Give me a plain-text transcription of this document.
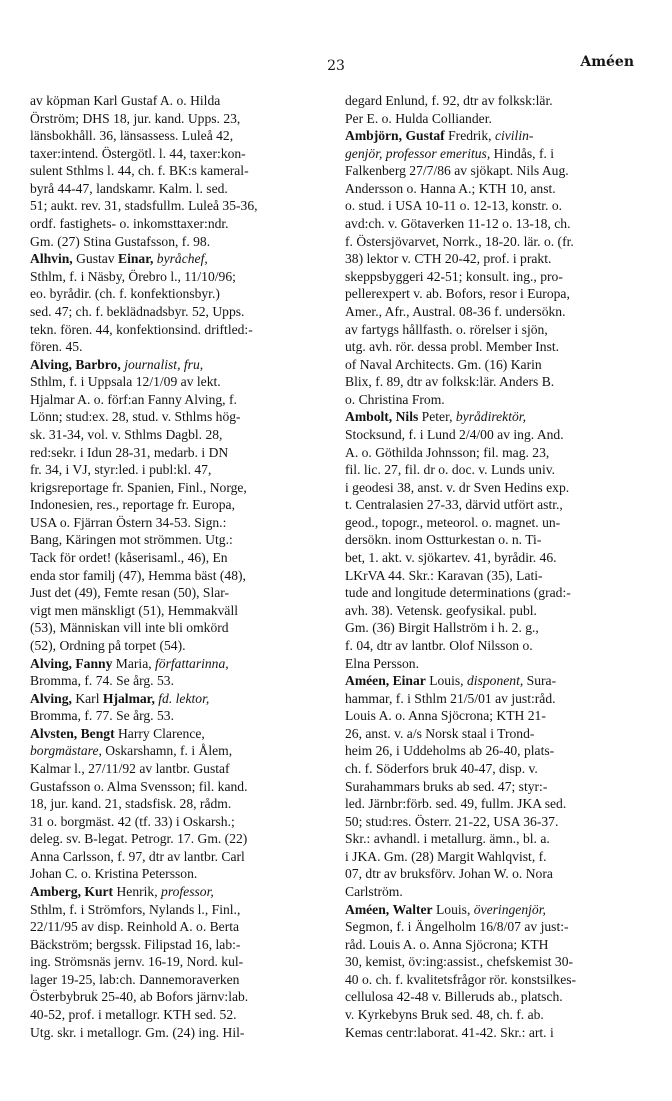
23	Améen
av köpman Karl Gustaf A. o. Hilda
Örström; DHS 18, jur. kand. Upps. 23,
länsbokhåll. 36, länsassess. Luleå 42,
taxer:intend. Östergötl. l. 44, taxer:kon-
sulent Sthlms l. 44, ch. f. BK:s kameral-
byrå 44-47, landskamr. Kalm. l. sed.
51; aukt. rev. 31, stadsfullm. Luleå 35-36,
ordf. fastighets- o. inkomsttaxer:ndr.
Gm. (27) Stina Gustafsson, f. 98.
Alhvin, Gustav Einar, byråchef,
Sthlm, f. i Näsby, Örebro l., 11/10/96;
eo. byrådir. (ch. f. konfektionsbyr.)
sed. 47; ch. f. beklädnadsbyr. 52, Upps.
tekn. fören. 44, konfektionsind. driftled:-
fören. 45.
Alving, Barbro, journalist, fru,
Sthlm, f. i Uppsala 12/1/09 av lekt.
Hjalmar A. o. förf:an Fanny Alving, f.
Lönn; stud:ex. 28, stud. v. Sthlms hög-
sk. 31-34, vol. v. Sthlms Dagbl. 28,
red:sekr. i Idun 28-31, medarb. i DN
fr. 34, i VJ, styr:led. i publ:kl. 47,
krigsreportage fr. Spanien, Finl., Norge,
Indonesien, res., reportage fr. Europa,
USA o. Fjärran Östern 34-53. Sign.:
Bang, Käringen mot strömmen. Utg.:
Tack för ordet! (kåserisaml., 46), En
enda stor familj (47), Hemma bäst (48),
Just det (49), Femte resan (50), Slar-
vigt men mänskligt (51), Hemmakväll
(53), Människan vill inte bli omkörd
(52), Ordning på torpet (54).
Alving, Fanny Maria, författarinna,
Bromma, f. 74. Se årg. 53.
Alving, Karl Hjalmar, fd. lektor,
Bromma, f. 77. Se årg. 53.
Alvsten, Bengt Harry Clarence,
borgmästare, Oskarshamn, f. i Ålem,
Kalmar l., 27/11/92 av lantbr. Gustaf
Gustafsson o. Alma Svensson; fil. kand.
18, jur. kand. 21, stadsfisk. 28, rådm.
31 o. borgmäst. 42 (tf. 33) i Oskarsh.;
deleg. sv. B-legat. Petrogr. 17. Gm. (22)
Anna Carlsson, f. 97, dtr av lantbr. Carl
Johan C. o. Kristina Petersson.
Amberg, Kurt Henrik, professor,
Sthlm, f. i Strömfors, Nylands l., Finl.,
22/11/95 av disp. Reinhold A. o. Berta
Bäckström; bergssk. Filipstad 16, lab:-
ing. Strömsnäs jernv. 16-19, Nord. kul-
lager 19-25, lab:ch. Dannemoraverken
Österbybruk 25-40, ab Bofors järnv:lab.
40-52, prof. i metallogr. KTH sed. 52.
Utg. skr. i metallogr. Gm. (24) ing. Hil-
degard Enlund, f. 92, dtr av folksk:lär.
Per E. o. Hulda Colliander.
Ambjörn, Gustaf Fredrik, civilin-
genjör, professor emeritus, Hindås, f. i
Falkenberg 27/7/86 av sjökapt. Nils Aug.
Andersson o. Hanna A.; KTH 10, anst.
o. stud. i USA 10-11 o. 12-13, konstr. o.
avd:ch. v. Götaverken 11-12 o. 13-18, ch.
f. Östersjövarvet, Norrk., 18-20. lär. o. (fr.
38) lektor v. CTH 20-42, prof. i prakt.
skeppsbyggeri 42-51; konsult. ing., pro-
pellerexpert v. ab. Bofors, resor i Europa,
Amer., Afr., Austral. 08-36 f. undersökn.
av fartygs hållfasth. o. rörelser i sjön,
utg. avh. rör. dessa probl. Member Inst.
of Naval Architects. Gm. (16) Karin
Blix, f. 89, dtr av folksk:lär. Anders B.
o. Christina From.
Ambolt, Nils Peter, byrådirektör,
Stocksund, f. i Lund 2/4/00 av ing. And.
A. o. Göthilda Johnsson; fil. mag. 23,
fil. lic. 27, fil. dr o. doc. v. Lunds univ.
i geodesi 38, anst. v. dr Sven Hedins exp.
t. Centralasien 27-33, därvid utfört astr.,
geod., topogr., meteorol. o. magnet. un-
dersökn. inom Ostturkestan o. n. Ti-
bet, 1. akt. v. sjökartev. 41, byrådir. 46.
LKrVA 44. Skr.: Karavan (35), Lati-
tude and longitude determinations (grad:-
avh. 38). Vetensk. geofysikal. publ.
Gm. (36) Birgit Hallström i h. 2. g.,
f. 04, dtr av lantbr. Olof Nilsson o.
Elna Persson.
Améen, Einar Louis, disponent, Sura-
hammar, f. i Sthlm 21/5/01 av just:råd.
Louis A. o. Anna Sjöcrona; KTH 21-
26, anst. v. a/s Norsk staal i Trond-
heim 26, i Uddeholms ab 26-40, plats-
ch. f. Söderfors bruk 40-47, disp. v.
Surahammars bruks ab sed. 47; styr:-
led. Järnbr:förb. sed. 49, fullm. JKA sed.
50; stud:res. Österr. 21-22, USA 36-37.
Skr.: avhandl. i metallurg. ämn., bl. a.
i JKA. Gm. (28) Margit Wahlqvist, f.
07, dtr av bruksförv. Johan W. o. Nora
Carlström.
Améen, Walter Louis, överingenjör,
Segmon, f. i Ängelholm 16/8/07 av just:-
råd. Louis A. o. Anna Sjöcrona; KTH
30, kemist, öv:ing:assist., chefskemist 30-
40 o. ch. f. kvalitetsfrågor rör. konstsilkes-
cellulosa 42-48 v. Billeruds ab., platsch.
v. Kyrkebyns Bruk sed. 48, ch. f. ab.
Kemas centr:laborat. 41-42. Skr.: art. i
